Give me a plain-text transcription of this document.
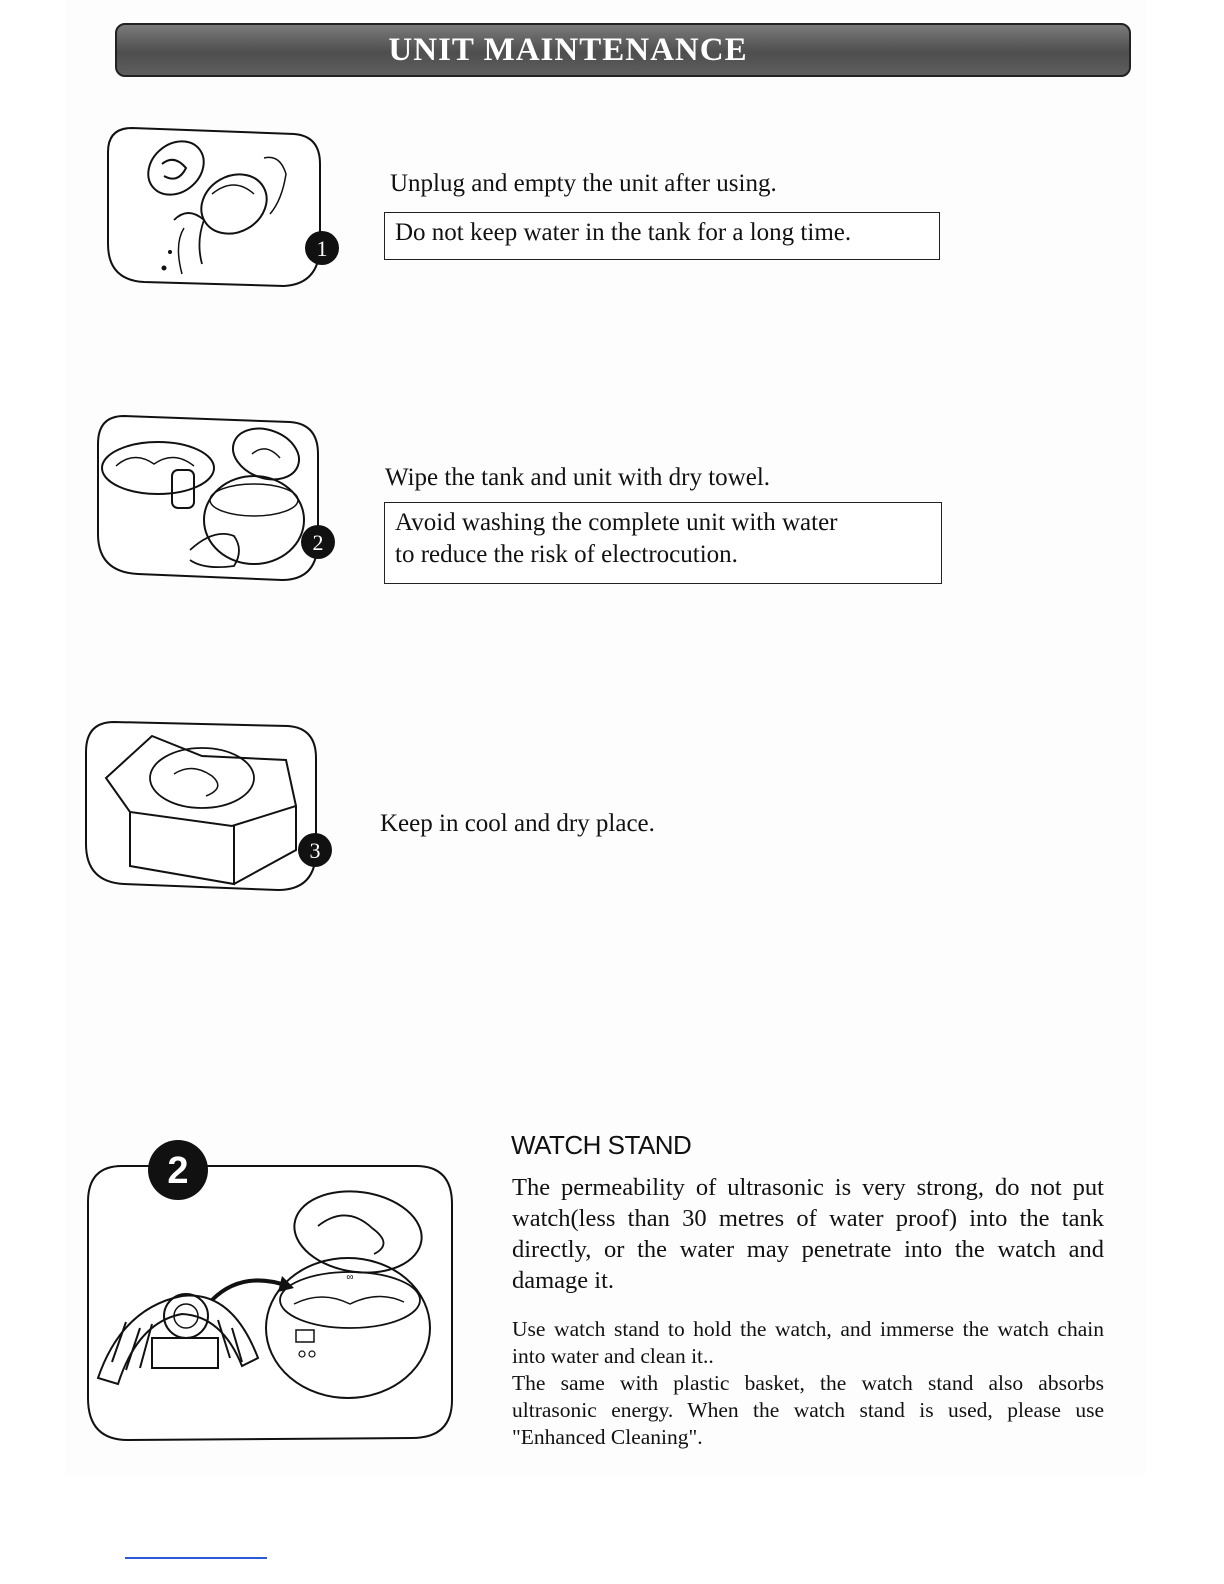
UNIT MAINTENANCE
1
Unplug and empty the unit after using.
Do not keep water in the tank for a long time.
2
Wipe the tank and unit with dry towel.
Avoid washing the complete unit with water
to reduce the risk of electrocution.
3
Keep in cool and dry place.
2
∞
WATCH STAND
The permeability of ultrasonic is very strong, do not put watch(less than 30 metres of water proof) into the tank directly, or the water may penetrate into the watch and damage it.
Use watch stand to hold the watch, and immerse the watch chain into water and clean it..
The same with plastic basket, the watch stand also absorbs ultrasonic energy. When the watch stand is used, please use "Enhanced Cleaning".
